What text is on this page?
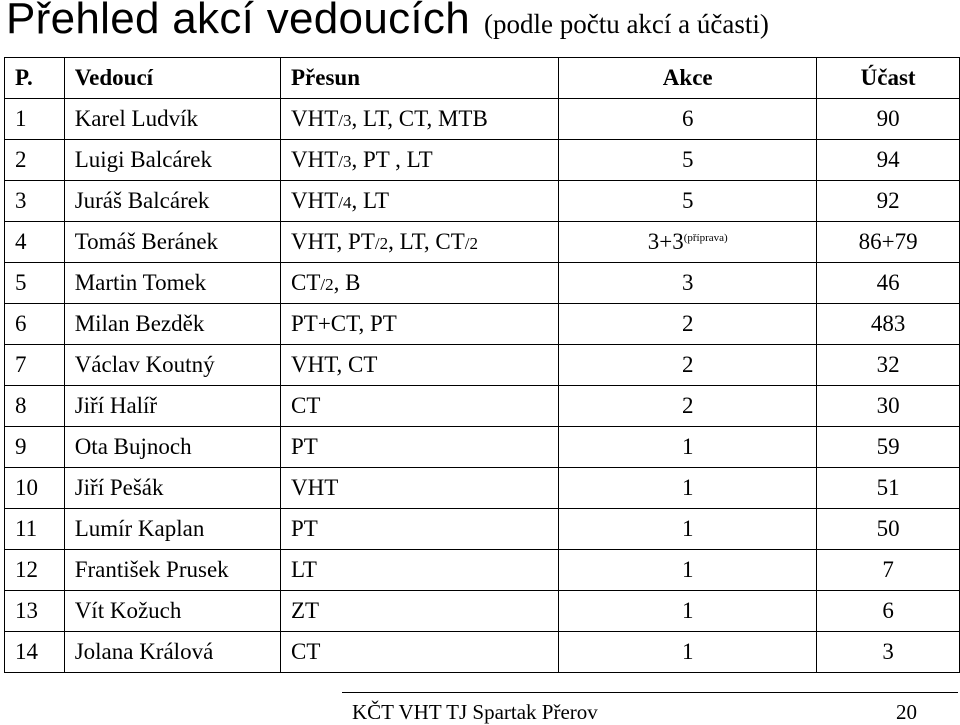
Přehled akcí vedoucích (podle počtu akcí a účasti)
P.	Vedoucí	Přesun	Akce	Účast
1	Karel Ludvík	VHT/3, LT, CT, MTB	6	90
2	Luigi Balcárek	VHT/3, PT , LT	5	94
3	Juráš Balcárek	VHT/4, LT	5	92
4	Tomáš Beránek	VHT, PT/2, LT, CT/2	$3+3^{(příprava)}$	86+79
5	Martin Tomek	CT/2, B	3	46
6	Milan Bezděk	PT+CT, PT	2	483
7	Václav Koutný	VHT, CT	2	32
8	Jiří Halíř	CT	2	30
9	Ota Bujnoch	PT	1	59
10	Jiří Pešák	VHT	1	51
11	Lumír Kaplan	PT	1	50
12	František Prusek	LT	1	7
13	Vít Kožuch	ZT	1	6
14	Jolana Králová	CT	1	3
KČT VHT TJ Spartak Přerov	20
